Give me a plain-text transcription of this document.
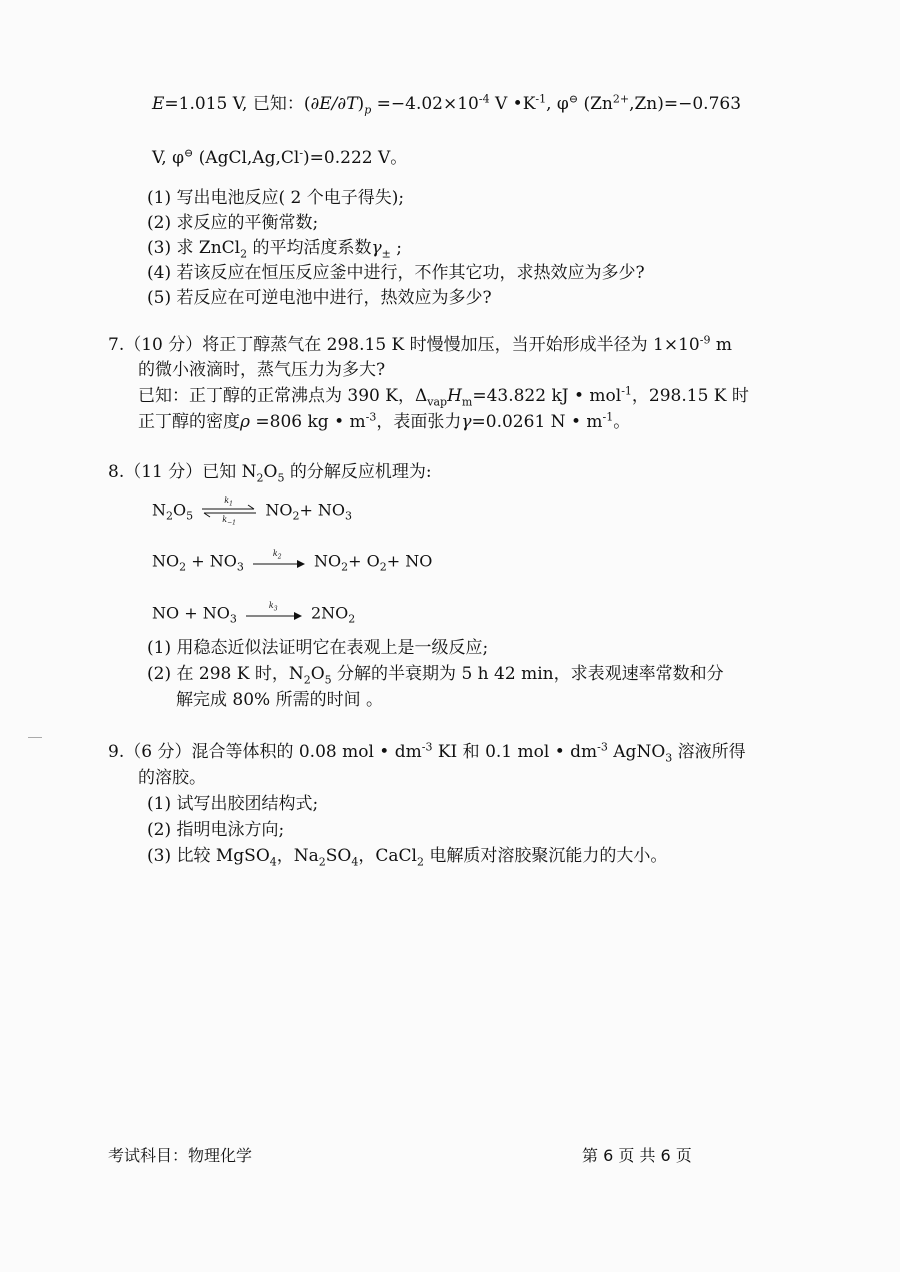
E=1.015 V, 已知：$(\partial E/\partial T)_p =-4.02\times 10^{-4}$ V $•K^{-1}$, φ⊖ $(Zn^{2+},Zn)=-0.763$
V, φ⊖ (AgCl,Ag,Cl-)=0.222 V。
(1) 写出电池反应( 2 个电子得失);
(2) 求反应的平衡常数;
(3) 求 ZnCl$_2$ 的平均活度系数$\gamma_\pm$ ;
(4) 若该反应在恒压反应釜中进行，不作其它功，求热效应为多少?
(5) 若反应在可逆电池中进行，热效应为多少?
7.（10 分）将正丁醇蒸气在 298.15 K 时慢慢加压，当开始形成半径为 $1\times 10^{-9}$ m
的微小液滴时，蒸气压力为多大?
已知：正丁醇的正常沸点为 390 K，$\Delta_{vap}H_m=43.822$ kJ • mol$^{-1}$，298.15 K 时
正丁醇的密度ρ =806 kg • $m^{-3}$，表面张力γ=0.0261 N • $m^{-1}$。
8.（11 分）已知 $N_2O_5$ 的分解反应机理为:
$N_2O_5$
$k_1$
$k_{-1}$
$NO_2+ NO_3$
$NO_2 + NO_3$
$k_2$ $NO_2+ O_2+$ NO
NO + $NO_3$
$k_3$ $2NO_2$
(1) 用稳态近似法证明它在表观上是一级反应;
(2) 在 298 K 时，$N_2O_5$ 分解的半衰期为 5 h 42 min，求表观速率常数和分
解完成 80% 所需的时间 。
9.（6 分）混合等体积的 0.08 mol • $dm^{-3}$ KI 和 0.1 mol • $dm^{-3}$ AgNO$_3$ 溶液所得
的溶胶。
(1) 试写出胶团结构式;
(2) 指明电泳方向;
(3) 比较 MgSO$_4$，$Na_2SO_4$，CaCl$_2$ 电解质对溶胶聚沉能力的大小。
考试科目：物理化学	第 6 页 共 6 页
